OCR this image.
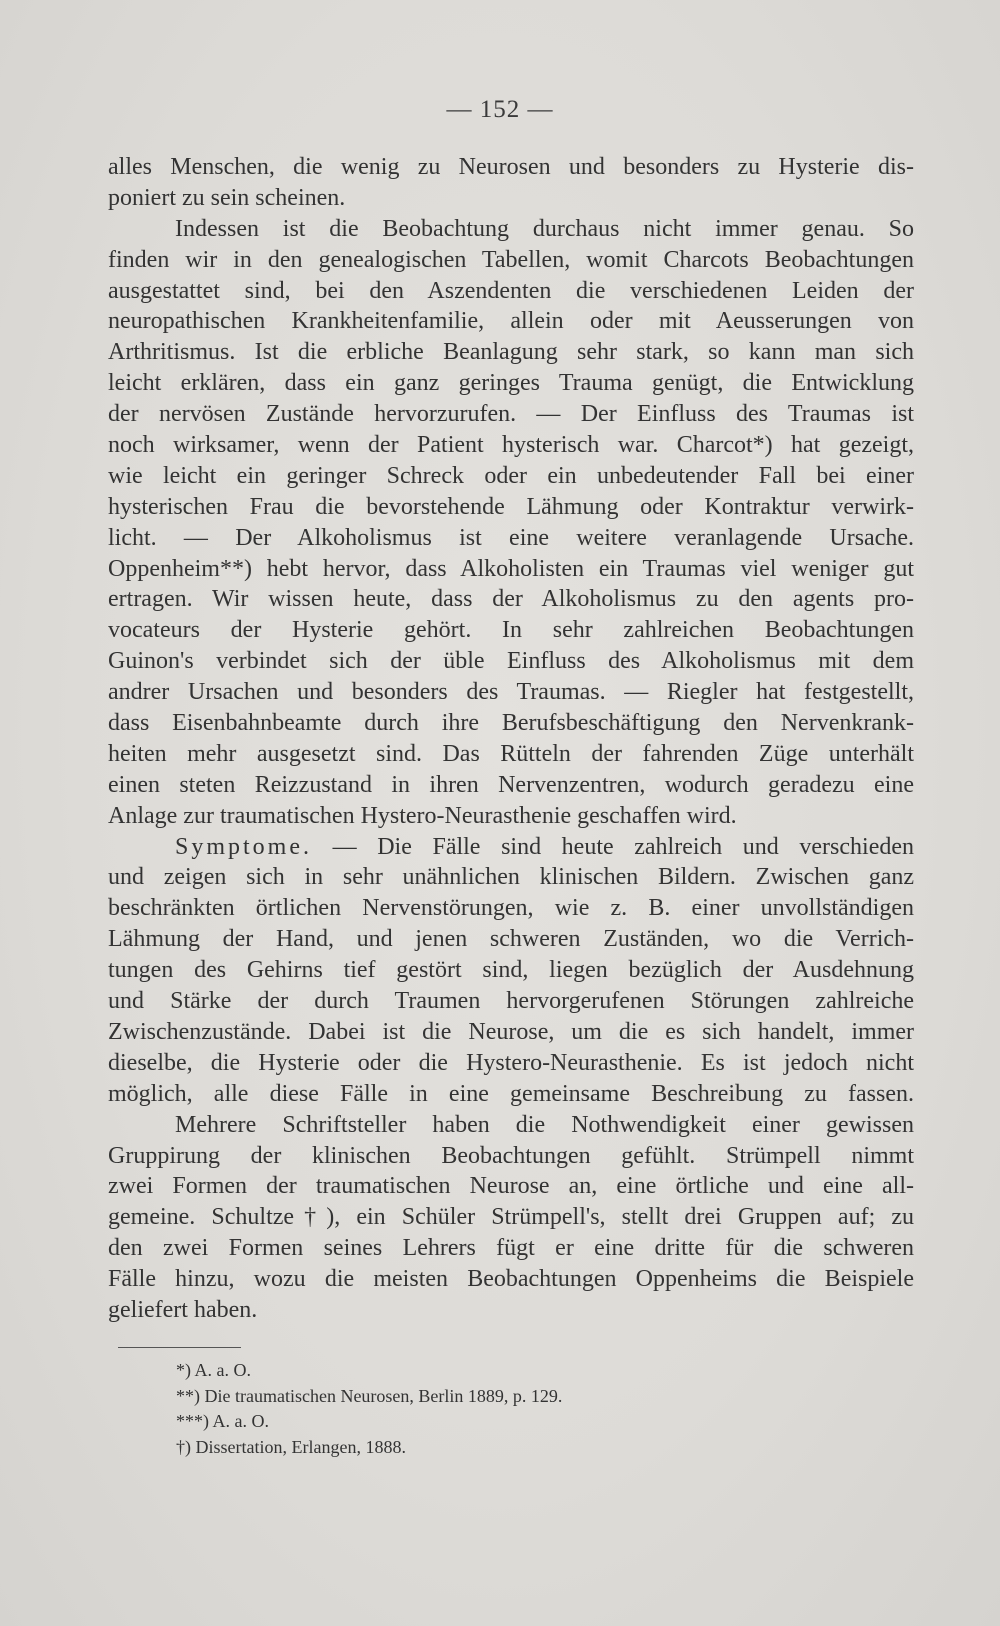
— 152 —
alles Menschen, die wenig zu Neurosen und besonders zu Hysterie dis-
poniert zu sein scheinen.
Indessen ist die Beobachtung durchaus nicht immer genau. So
finden wir in den genealogischen Tabellen, womit Charcots Beobachtungen
ausgestattet sind, bei den Aszendenten die verschiedenen Leiden der
neuropathischen Krankheitenfamilie, allein oder mit Aeusserungen von
Arthritismus. Ist die erbliche Beanlagung sehr stark, so kann man sich
leicht erklären, dass ein ganz geringes Trauma genügt, die Entwicklung
der nervösen Zustände hervorzurufen. — Der Einfluss des Traumas ist
noch wirksamer, wenn der Patient hysterisch war. Charcot*) hat gezeigt,
wie leicht ein geringer Schreck oder ein unbedeutender Fall bei einer
hysterischen Frau die bevorstehende Lähmung oder Kontraktur verwirk-
licht. — Der Alkoholismus ist eine weitere veranlagende Ursache.
Oppenheim**) hebt hervor, dass Alkoholisten ein Traumas viel weniger gut
ertragen. Wir wissen heute, dass der Alkoholismus zu den agents pro-
vocateurs der Hysterie gehört. In sehr zahlreichen Beobachtungen
Guinon's verbindet sich der üble Einfluss des Alkoholismus mit dem
andrer Ursachen und besonders des Traumas. — Riegler hat festgestellt,
dass Eisenbahnbeamte durch ihre Berufsbeschäftigung den Nervenkrank-
heiten mehr ausgesetzt sind. Das Rütteln der fahrenden Züge unterhält
einen steten Reizzustand in ihren Nervenzentren, wodurch geradezu eine
Anlage zur traumatischen Hystero-Neurasthenie geschaffen wird.
Symptome. — Die Fälle sind heute zahlreich und verschieden
und zeigen sich in sehr unähnlichen klinischen Bildern. Zwischen ganz
beschränkten örtlichen Nervenstörungen, wie z. B. einer unvollständigen
Lähmung der Hand, und jenen schweren Zuständen, wo die Verrich-
tungen des Gehirns tief gestört sind, liegen bezüglich der Ausdehnung
und Stärke der durch Traumen hervorgerufenen Störungen zahlreiche
Zwischenzustände. Dabei ist die Neurose, um die es sich handelt, immer
dieselbe, die Hysterie oder die Hystero-Neurasthenie. Es ist jedoch nicht
möglich, alle diese Fälle in eine gemeinsame Beschreibung zu fassen.
Mehrere Schriftsteller haben die Nothwendigkeit einer gewissen
Gruppirung der klinischen Beobachtungen gefühlt. Strümpell nimmt
zwei Formen der traumatischen Neurose an, eine örtliche und eine all-
gemeine. Schultze†), ein Schüler Strümpell's, stellt drei Gruppen auf; zu
den zwei Formen seines Lehrers fügt er eine dritte für die schweren
Fälle hinzu, wozu die meisten Beobachtungen Oppenheims die Beispiele
geliefert haben.
*) A. a. O.
**) Die traumatischen Neurosen, Berlin 1889, p. 129.
***) A. a. O.
†) Dissertation, Erlangen, 1888.
